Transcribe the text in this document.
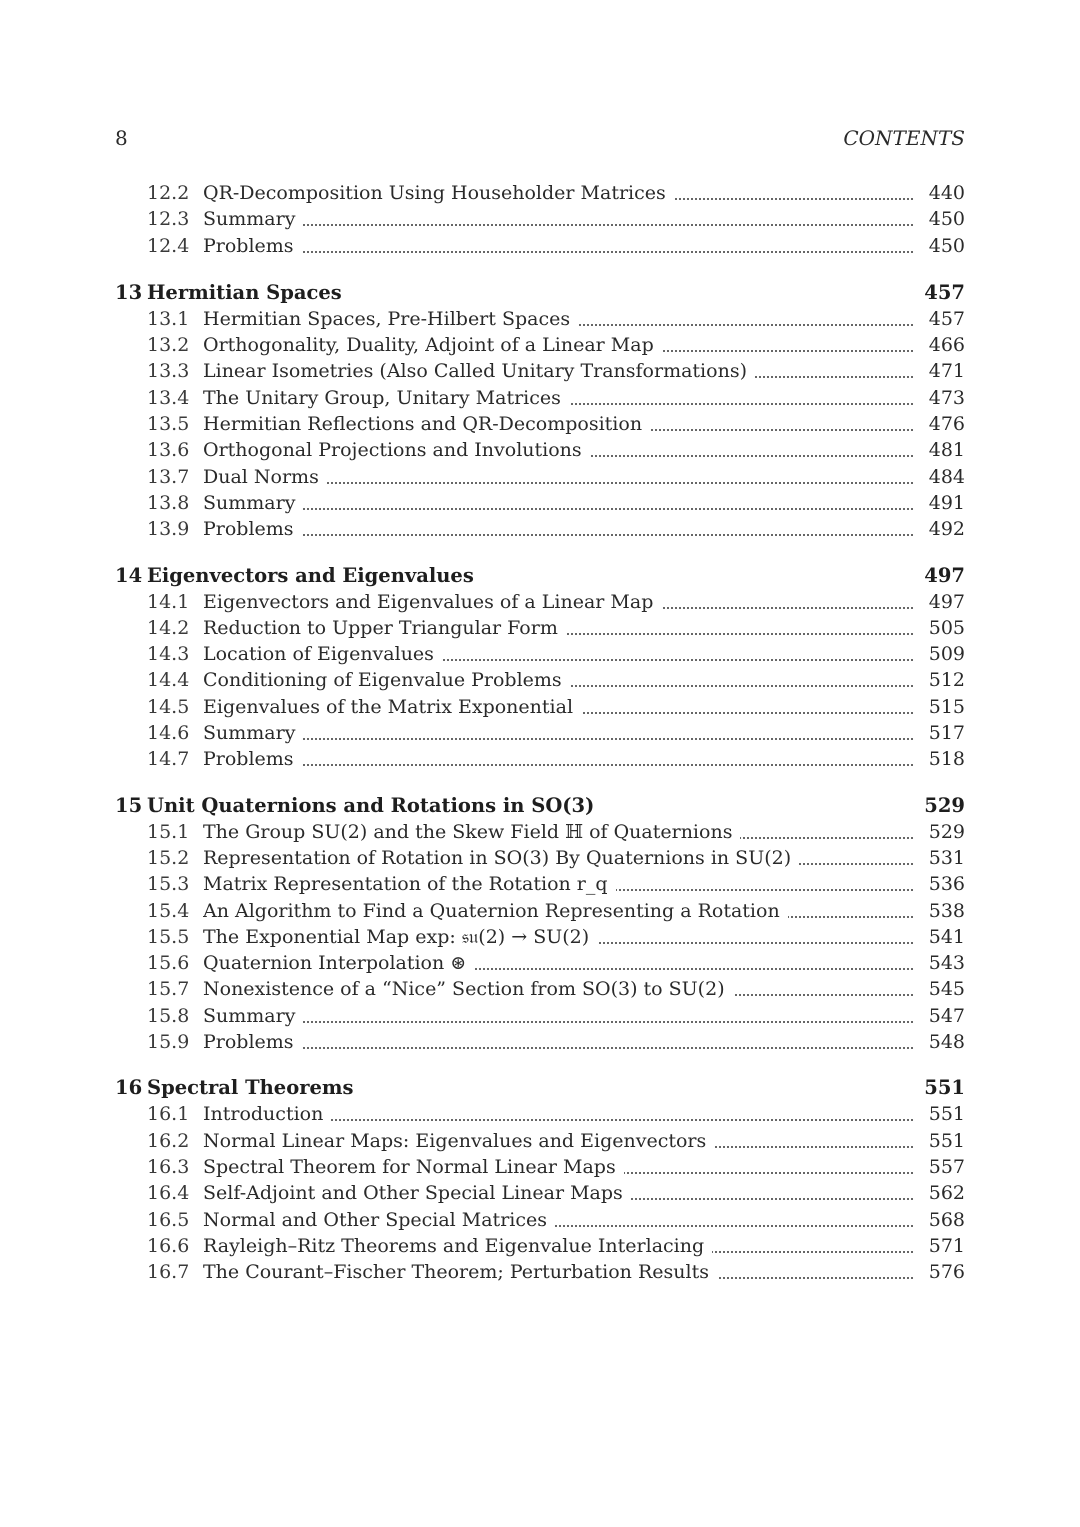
8	CONTENTS
12.2 QR-Decomposition Using Householder Matrices	440
12.3 Summary	450
12.4 Problems	450
13 Hermitian Spaces	457
13.1 Hermitian Spaces, Pre-Hilbert Spaces	457
13.2 Orthogonality, Duality, Adjoint of a Linear Map	466
13.3 Linear Isometries (Also Called Unitary Transformations)	471
13.4 The Unitary Group, Unitary Matrices	473
13.5 Hermitian Reflections and QR-Decomposition	476
13.6 Orthogonal Projections and Involutions	481
13.7 Dual Norms	484
13.8 Summary	491
13.9 Problems	492
14 Eigenvectors and Eigenvalues	497
14.1 Eigenvectors and Eigenvalues of a Linear Map	497
14.2 Reduction to Upper Triangular Form	505
14.3 Location of Eigenvalues	509
14.4 Conditioning of Eigenvalue Problems	512
14.5 Eigenvalues of the Matrix Exponential	515
14.6 Summary	517
14.7 Problems	518
15 Unit Quaternions and Rotations in SO(3)	529
15.1 The Group SU(2) and the Skew Field ℍ of Quaternions	529
15.2 Representation of Rotation in SO(3) By Quaternions in SU(2)	531
15.3 Matrix Representation of the Rotation r_q	536
15.4 An Algorithm to Find a Quaternion Representing a Rotation	538
15.5 The Exponential Map exp: 𝔰𝔲(2) → SU(2)	541
15.6 Quaternion Interpolation ⊛	543
15.7 Nonexistence of a “Nice” Section from SO(3) to SU(2)	545
15.8 Summary	547
15.9 Problems	548
16 Spectral Theorems	551
16.1 Introduction	551
16.2 Normal Linear Maps: Eigenvalues and Eigenvectors	551
16.3 Spectral Theorem for Normal Linear Maps	557
16.4 Self-Adjoint and Other Special Linear Maps	562
16.5 Normal and Other Special Matrices	568
16.6 Rayleigh–Ritz Theorems and Eigenvalue Interlacing	571
16.7 The Courant–Fischer Theorem; Perturbation Results	576
